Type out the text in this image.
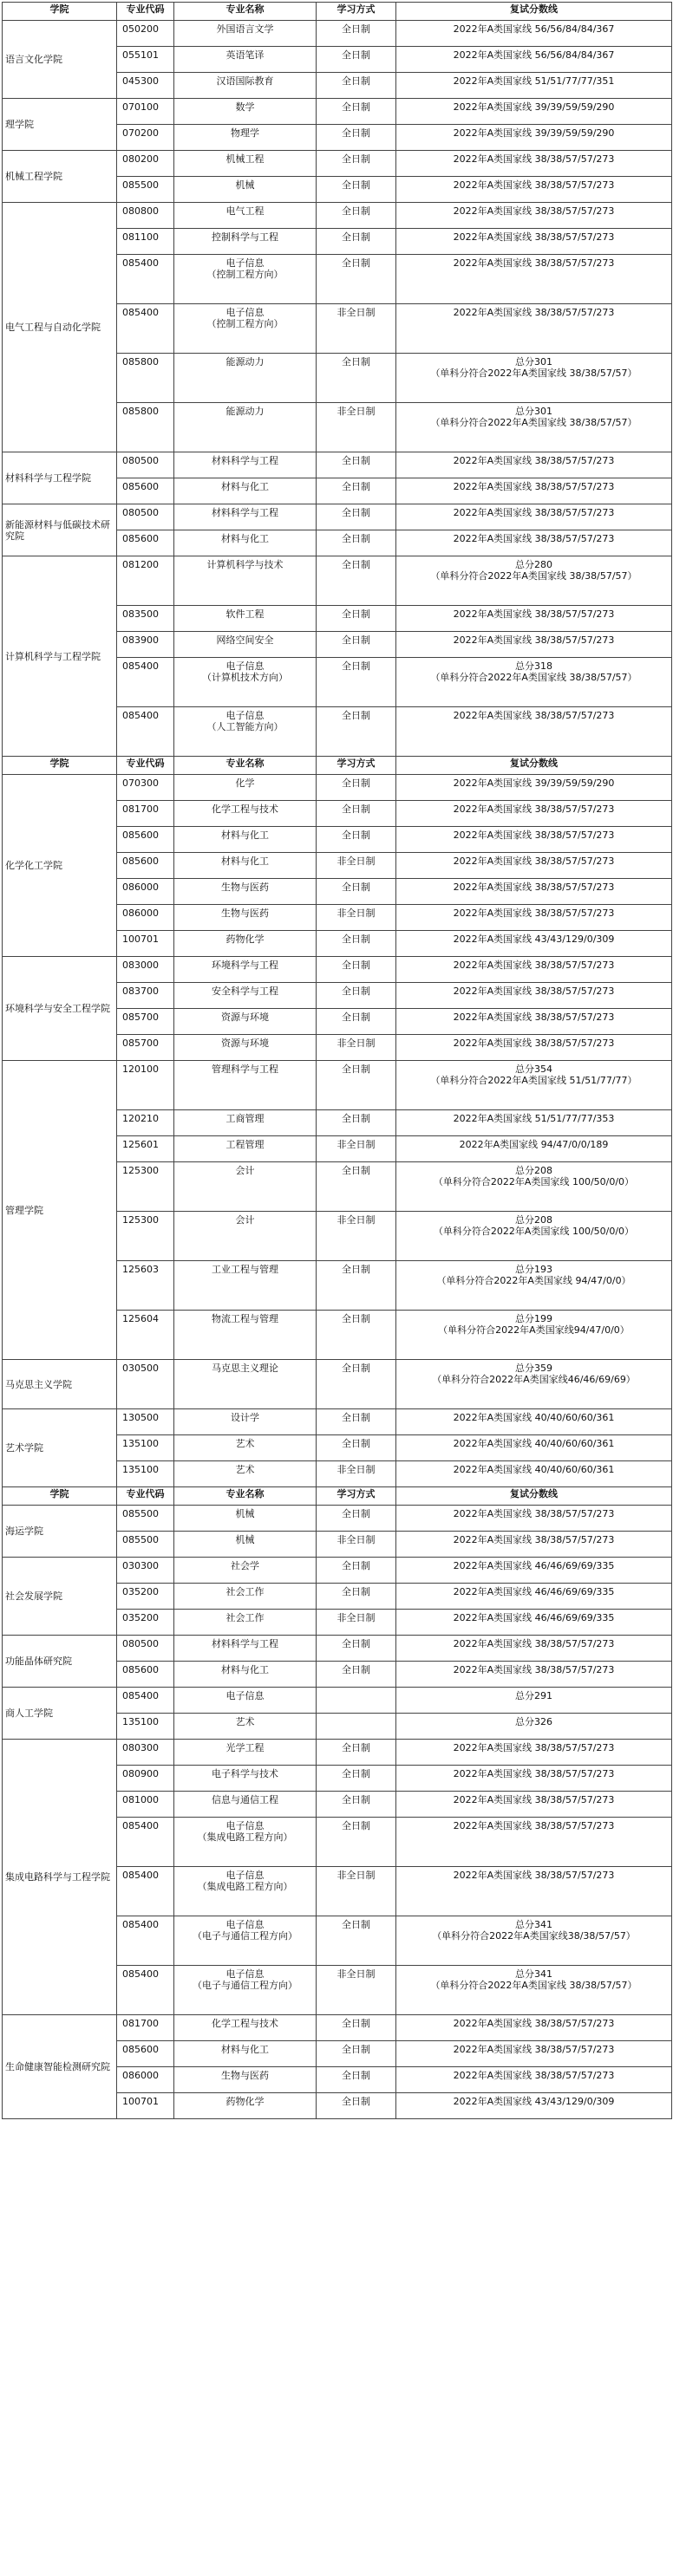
学院	专业代码	专业名称	学习方式	复试分数线
语言文化学院	050200	外国语言文学	全日制	2022年A类国家线 56/56/84/84/367
	055101	英语笔译	全日制	2022年A类国家线 56/56/84/84/367
	045300	汉语国际教育	全日制	2022年A类国家线 51/51/77/77/351
理学院	070100	数学	全日制	2022年A类国家线 39/39/59/59/290
	070200	物理学	全日制	2022年A类国家线 39/39/59/59/290
机械工程学院	080200	机械工程	全日制	2022年A类国家线 38/38/57/57/273
	085500	机械	全日制	2022年A类国家线 38/38/57/57/273
电气工程与自动化学院	080800	电气工程	全日制	2022年A类国家线 38/38/57/57/273
	081100	控制科学与工程	全日制	2022年A类国家线 38/38/57/57/273
	085400	电子信息
（控制工程方向）	全日制	2022年A类国家线 38/38/57/57/273
	085400	电子信息
（控制工程方向）	非全日制	2022年A类国家线 38/38/57/57/273
	085800	能源动力	全日制	总分301
（单科分符合2022年A类国家线 38/38/57/57）

	085800	能源动力	非全日制	总分301
（单科分符合2022年A类国家线 38/38/57/57）

材料科学与工程学院	080500	材料科学与工程	全日制	2022年A类国家线 38/38/57/57/273
	085600	材料与化工	全日制	2022年A类国家线 38/38/57/57/273
新能源材料与低碳技术研究院	080500	材料科学与工程	全日制	2022年A类国家线 38/38/57/57/273
	085600	材料与化工	全日制	2022年A类国家线 38/38/57/57/273
计算机科学与工程学院	081200	计算机科学与技术	全日制	总分280
（单科分符合2022年A类国家线 38/38/57/57）

	083500	软件工程	全日制	2022年A类国家线 38/38/57/57/273
	083900	网络空间安全	全日制	2022年A类国家线 38/38/57/57/273
	085400	电子信息
（计算机技术方向）	全日制	总分318
（单科分符合2022年A类国家线 38/38/57/57）

	085400	电子信息
（人工智能方向）	全日制	2022年A类国家线 38/38/57/57/273
学院	专业代码	专业名称	学习方式	复试分数线
化学化工学院	070300	化学	全日制	2022年A类国家线 39/39/59/59/290
	081700	化学工程与技术	全日制	2022年A类国家线 38/38/57/57/273
	085600	材料与化工	全日制	2022年A类国家线 38/38/57/57/273
	085600	材料与化工	非全日制	2022年A类国家线 38/38/57/57/273
	086000	生物与医药	全日制	2022年A类国家线 38/38/57/57/273
	086000	生物与医药	非全日制	2022年A类国家线 38/38/57/57/273
	100701	药物化学	全日制	2022年A类国家线 43/43/129/0/309
环境科学与安全工程学院	083000	环境科学与工程	全日制	2022年A类国家线 38/38/57/57/273
	083700	安全科学与工程	全日制	2022年A类国家线 38/38/57/57/273
	085700	资源与环境	全日制	2022年A类国家线 38/38/57/57/273
	085700	资源与环境	非全日制	2022年A类国家线 38/38/57/57/273
管理学院	120100	管理科学与工程	全日制	总分354
（单科分符合2022年A类国家线 51/51/77/77）

	120210	工商管理	全日制	2022年A类国家线 51/51/77/77/353
	125601	工程管理	非全日制	2022年A类国家线 94/47/0/0/189
	125300	会计	全日制	总分208
（单科分符合2022年A类国家线 100/50/0/0）

	125300	会计	非全日制	总分208
（单科分符合2022年A类国家线 100/50/0/0）

	125603	工业工程与管理	全日制	总分193
（单科分符合2022年A类国家线 94/47/0/0）

	125604	物流工程与管理	全日制	总分199
（单科分符合2022年A类国家线94/47/0/0）

马克思主义学院	030500	马克思主义理论	全日制	总分359
（单科分符合2022年A类国家线46/46/69/69）

艺术学院	130500	设计学	全日制	2022年A类国家线 40/40/60/60/361
	135100	艺术	全日制	2022年A类国家线 40/40/60/60/361
	135100	艺术	非全日制	2022年A类国家线 40/40/60/60/361
学院	专业代码	专业名称	学习方式	复试分数线
海运学院	085500	机械	全日制	2022年A类国家线 38/38/57/57/273
	085500	机械	非全日制	2022年A类国家线 38/38/57/57/273
社会发展学院	030300	社会学	全日制	2022年A类国家线 46/46/69/69/335
	035200	社会工作	全日制	2022年A类国家线 46/46/69/69/335
	035200	社会工作	非全日制	2022年A类国家线 46/46/69/69/335
功能晶体研究院	080500	材料科学与工程	全日制	2022年A类国家线 38/38/57/57/273
	085600	材料与化工	全日制	2022年A类国家线 38/38/57/57/273
商人工学院	085400	电子信息		总分291
	135100	艺术		总分326
集成电路科学与工程学院	080300	光学工程	全日制	2022年A类国家线 38/38/57/57/273
	080900	电子科学与技术	全日制	2022年A类国家线 38/38/57/57/273
	081000	信息与通信工程	全日制	2022年A类国家线 38/38/57/57/273
	085400	电子信息
（集成电路工程方向）	全日制	2022年A类国家线 38/38/57/57/273
	085400	电子信息
（集成电路工程方向）	非全日制	2022年A类国家线 38/38/57/57/273
	085400	电子信息
（电子与通信工程方向）	全日制	总分341
（单科分符合2022年A类国家线38/38/57/57）

	085400	电子信息
（电子与通信工程方向）	非全日制	总分341
（单科分符合2022年A类国家线 38/38/57/57）

生命健康智能检测研究院	081700	化学工程与技术	全日制	2022年A类国家线 38/38/57/57/273
	085600	材料与化工	全日制	2022年A类国家线 38/38/57/57/273
	086000	生物与医药	全日制	2022年A类国家线 38/38/57/57/273
	100701	药物化学	全日制	2022年A类国家线 43/43/129/0/309
